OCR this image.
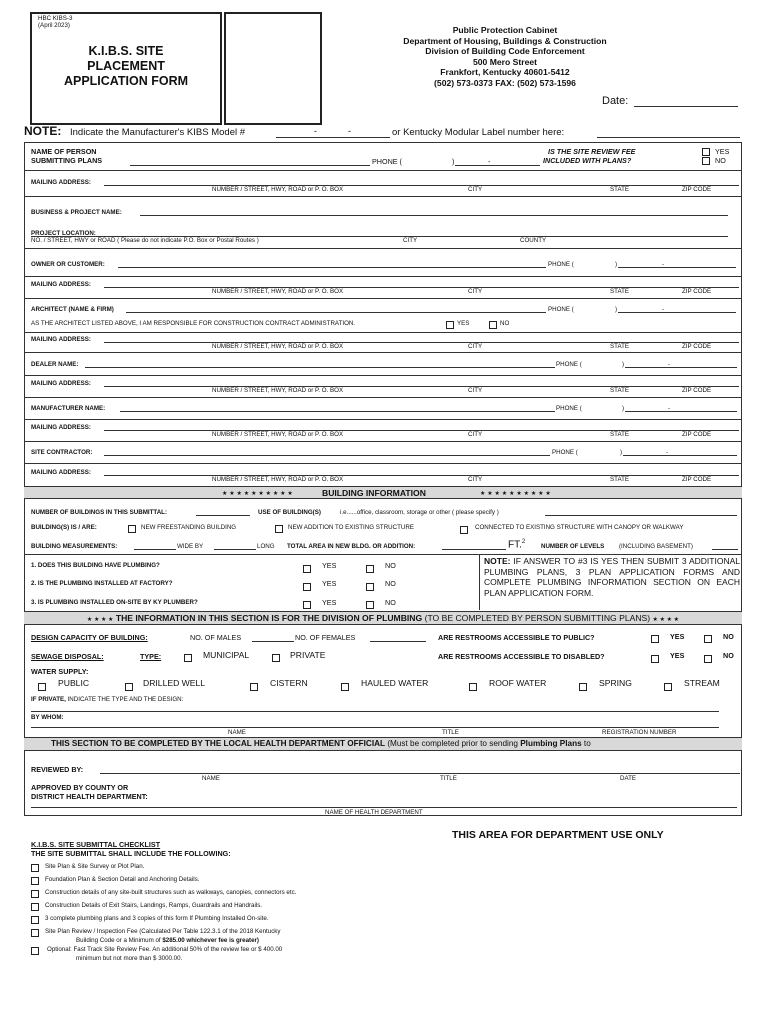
HBC KIBS-3
(April 2023)
K.I.B.S. SITE
PLACEMENT
APPLICATION FORM
Public Protection Cabinet
Department of Housing, Buildings & Construction
Division of Building Code Enforcement
500 Mero Street
Frankfort, Kentucky 40601-5412
(502) 573-0373 FAX: (502) 573-1596
Date:
NOTE: Indicate the Manufacturer's KIBS Model #	-	-	or Kentucky Modular Label number here:
NAME OF PERSON
SUBMITTING PLANS	PHONE (	)	-
IS THE SITE REVIEW FEE
INCLUDED WITH PLANS?
YES
NO
MAILING ADDRESS:
NUMBER / STREET, HWY, ROAD or P. O. BOX	CITY	STATE	ZIP CODE
BUSINESS & PROJECT NAME:
PROJECT LOCATION:
NO. / STREET, HWY or ROAD ( Please do not indicate P.O. Box or Postal Routes )	CITY	COUNTY
OWNER OR CUSTOMER:	PHONE (	)	-
MAILING ADDRESS:
NUMBER / STREET, HWY, ROAD or P. O. BOX	CITY	STATE	ZIP CODE
ARCHITECT (NAME & FIRM)	PHONE (	)	-
AS THE ARCHITECT LISTED ABOVE, I AM RESPONSIBLE FOR CONSTRUCTION CONTRACT ADMINISTRATION.	YES	NO
MAILING ADDRESS:
NUMBER / STREET, HWY, ROAD or P. O. BOX	CITY	STATE	ZIP CODE
DEALER NAME:	PHONE (	)	-
MAILING ADDRESS:
NUMBER / STREET, HWY, ROAD or P. O. BOX	CITY	STATE	ZIP CODE
MANUFACTURER NAME:	PHONE (	)	-
MAILING ADDRESS:
NUMBER / STREET, HWY, ROAD or P. O. BOX	CITY	STATE	ZIP CODE
SITE CONTRACTOR:	PHONE (	)	-
MAILING ADDRESS:
NUMBER / STREET, HWY, ROAD or P. O. BOX	CITY	STATE	ZIP CODE
★ ★ ★ ★ ★ ★ ★ ★ ★ ★	BUILDING INFORMATION	★ ★ ★ ★ ★ ★ ★ ★ ★ ★
NUMBER OF BUILDINGS IN THIS SUBMITTAL:	USE OF BUILDING(S)	i.e......office, classroom, storage or other ( please specify )
BUILDING(S) IS / ARE:	NEW FREESTANDING BUILDING	NEW ADDITION TO EXISTING STRUCTURE	CONNECTED TO EXISTING STRUCTURE WITH CANOPY OR WALKWAY
BUILDING MEASUREMENTS:	WIDE BY	LONG TOTAL AREA IN NEW BLDG. OR ADDITION:	FT.$^2$
NUMBER OF LEVELS (INCLUDING BASEMENT)
1. DOES THIS BUILDING HAVE PLUMBING?	YES	NO
2. IS THE PLUMBING INSTALLED AT FACTORY?	YES	NO
3. IS PLUMBING INSTALLED ON-SITE BY KY PLUMBER?	YES	NO
NOTE: IF ANSWER TO #3 IS YES THEN SUBMIT 3 ADDITIONAL PLUMBING PLANS, 3 PLAN APPLICATION FORMS AND COMPLETE PLUMBING INFORMATION SECTION ON EACH PLAN APPLICATION FORM.
★ ★ ★ ★ THE INFORMATION IN THIS SECTION IS FOR THE DIVISION OF PLUMBING (TO BE COMPLETED BY PERSON SUBMITTING PLANS) ★ ★ ★ ★
DESIGN CAPACITY OF BUILDING:	NO. OF MALES	NO. OF FEMALES	ARE RESTROOMS ACCESSIBLE TO PUBLIC?	YES	NO
SEWAGE DISPOSAL:	TYPE:	MUNICIPAL	PRIVATE	ARE RESTROOMS ACCESSIBLE TO DISABLED?	YES	NO
WATER SUPPLY:
PUBLIC	DRILLED WELL	CISTERN	HAULED WATER	ROOF WATER	SPRING	STREAM
IF PRIVATE, INDICATE THE TYPE AND THE DESIGN:
BY WHOM:
NAME	TITLE	REGISTRATION NUMBER
THIS SECTION TO BE COMPLETED BY THE LOCAL HEALTH DEPARTMENT OFFICIAL (Must be completed prior to sending Plumbing Plans to
REVIEWED BY:
NAME	TITLE	DATE
APPROVED BY COUNTY OR
DISTRICT HEALTH DEPARTMENT:
NAME OF HEALTH DEPARTMENT
THIS AREA FOR DEPARTMENT USE ONLY
K.I.B.S. SITE SUBMITTAL CHECKLIST
THE SITE SUBMITTAL SHALL INCLUDE THE FOLLOWING:
Site Plan & Site Survey or Plot Plan.
Foundation Plan & Section Detail and Anchoring Details.
Construction details of any site-built structures such as walkways, canopies, connectors etc.
Construction Details of Exit Stairs, Landings, Ramps, Guardrails and Handrails.
3 complete plumbing plans and 3 copies of this form If Plumbing Installed On-site.
Site Plan Review / Inspection Fee (Calculated Per Table 122.3.1 of the 2018 Kentucky
Building Code or a Minimum of $285.00 whichever fee is greater)
Optional: Fast Track Site Review Fee. An additional 50% of the review fee or $ 400.00
minimum but not more than $ 3000.00.
